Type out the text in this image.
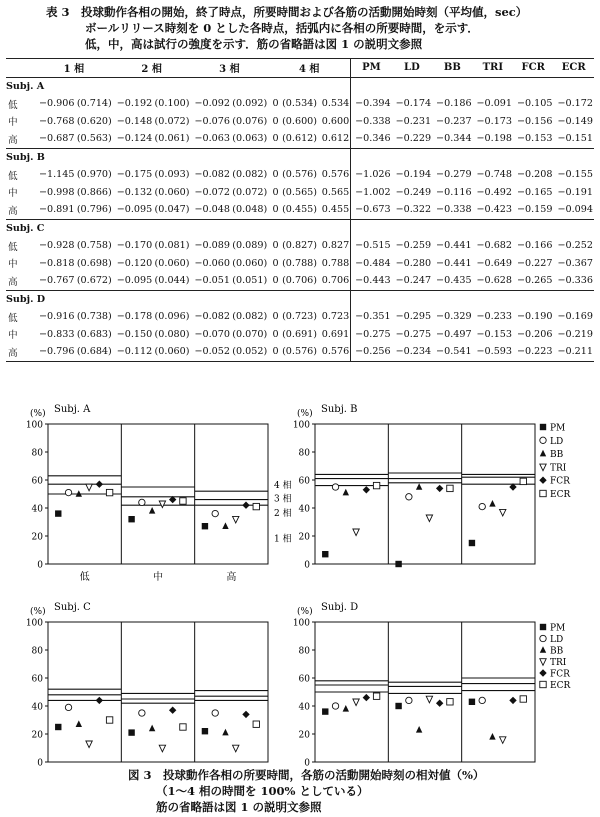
表 3　投球動作各相の開始，終了時点，所要時間および各筋の活動開始時刻（平均値，sec）
ボールリリース時刻を 0 とした各時点，括弧内に各相の所要時間，を示す．
低，中，高は試行の強度を示す．筋の省略語は図 1 の説明文参照
	1 相		2 相		3 相		4 相			PM	LD	BB	TRI	FCR	ECR
Subj. A															
低	−0.906	(0.714)	−0.192	(0.100)	−0.092	(0.092)	0	(0.534)	0.534	−0.394	−0.174	−0.186	−0.091	−0.105	−0.172
中	−0.768	(0.620)	−0.148	(0.072)	−0.076	(0.076)	0	(0.600)	0.600	−0.338	−0.231	−0.237	−0.173	−0.156	−0.149
高	−0.687	(0.563)	−0.124	(0.061)	−0.063	(0.063)	0	(0.612)	0.612	−0.346	−0.229	−0.344	−0.198	−0.153	−0.151
Subj. B															
低	−1.145	(0.970)	−0.175	(0.093)	−0.082	(0.082)	0	(0.576)	0.576	−1.026	−0.194	−0.279	−0.748	−0.208	−0.155
中	−0.998	(0.866)	−0.132	(0.060)	−0.072	(0.072)	0	(0.565)	0.565	−1.002	−0.249	−0.116	−0.492	−0.165	−0.191
高	−0.891	(0.796)	−0.095	(0.047)	−0.048	(0.048)	0	(0.455)	0.455	−0.673	−0.322	−0.338	−0.423	−0.159	−0.094
Subj. C															
低	−0.928	(0.758)	−0.170	(0.081)	−0.089	(0.089)	0	(0.827)	0.827	−0.515	−0.259	−0.441	−0.682	−0.166	−0.252
中	−0.818	(0.698)	−0.120	(0.060)	−0.060	(0.060)	0	(0.788)	0.788	−0.484	−0.280	−0.441	−0.649	−0.227	−0.367
高	−0.767	(0.672)	−0.095	(0.044)	−0.051	(0.051)	0	(0.706)	0.706	−0.443	−0.247	−0.435	−0.628	−0.265	−0.336
Subj. D															
低	−0.916	(0.738)	−0.178	(0.096)	−0.082	(0.082)	0	(0.723)	0.723	−0.351	−0.295	−0.329	−0.233	−0.190	−0.169
中	−0.833	(0.683)	−0.150	(0.080)	−0.070	(0.070)	0	(0.691)	0.691	−0.275	−0.275	−0.497	−0.153	−0.206	−0.219
高	−0.796	(0.684)	−0.112	(0.060)	−0.052	(0.052)	0	(0.576)	0.576	−0.256	−0.234	−0.541	−0.593	−0.223	−0.211
0
20
40
60
80
100
(%) Subj. A
低	中	高
4 相
3 相
2 相
1 相
0
20
40
60
80
100
(%) Subj. B
0
20
40
60
80
100
(%) Subj. C
0
20
40
60
80
100
(%) Subj. D
PM
LD
BB
TRI
FCR
ECR
PM
LD
BB
TRI
FCR
ECR
図 3　投球動作各相の所要時間，各筋の活動開始時刻の相対値（%）
（1～4 相の時間を 100% としている）
筋の省略語は図 1 の説明文参照
